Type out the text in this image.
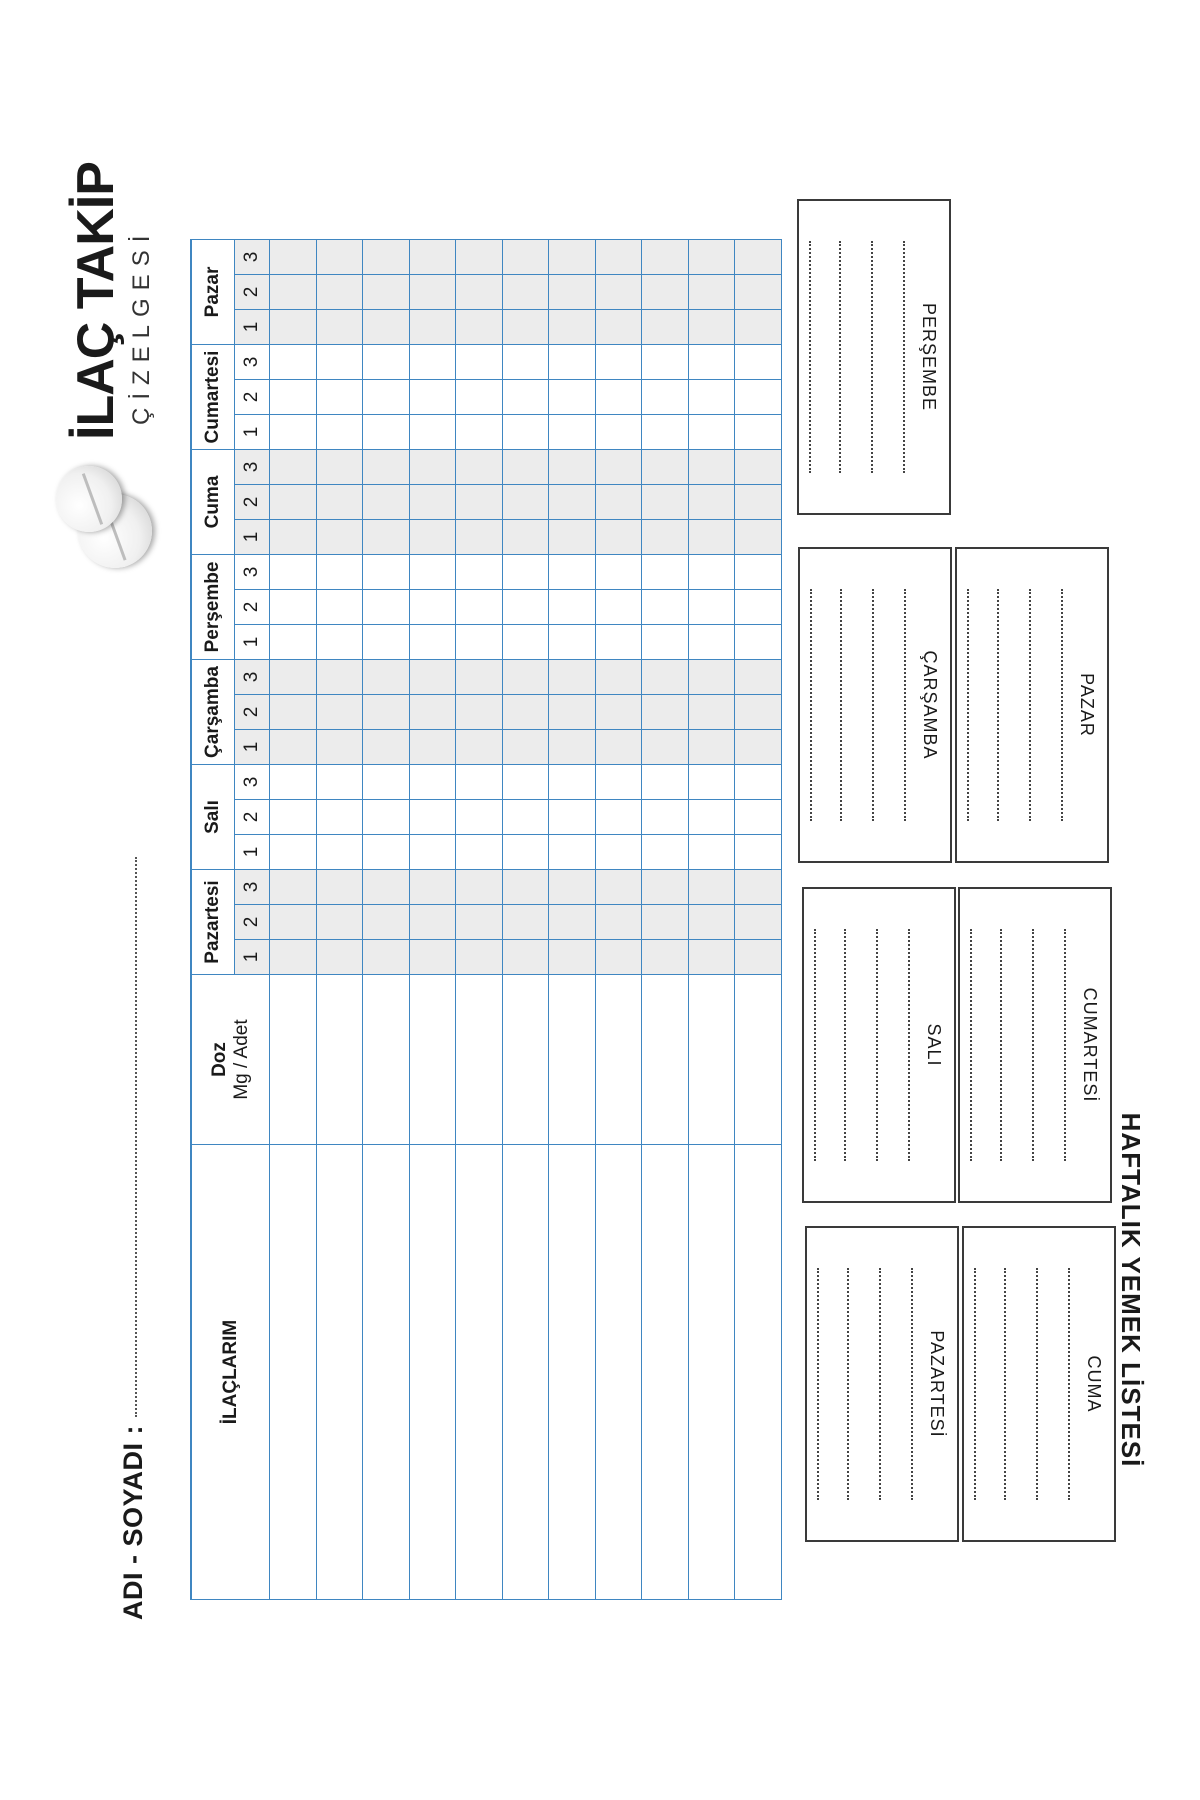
ADI - SOYADI :
İLAÇ TAKİP ÇİZELGESİ
İLAÇLARIM	Doz Mg / Adet	Pazartesi			Salı			Çarşamba			Perşembe			Cuma			Cumartesi			Pazar		
		1	2	3	1	2	3	1	2	3	1	2	3	1	2	3	1	2	3	1	2	3

HAFTALIK YEMEK LİSTESİ
PAZARTESİ	CUMA
SALI	CUMARTESİ
ÇARŞAMBA	PAZAR
PERŞEMBE
